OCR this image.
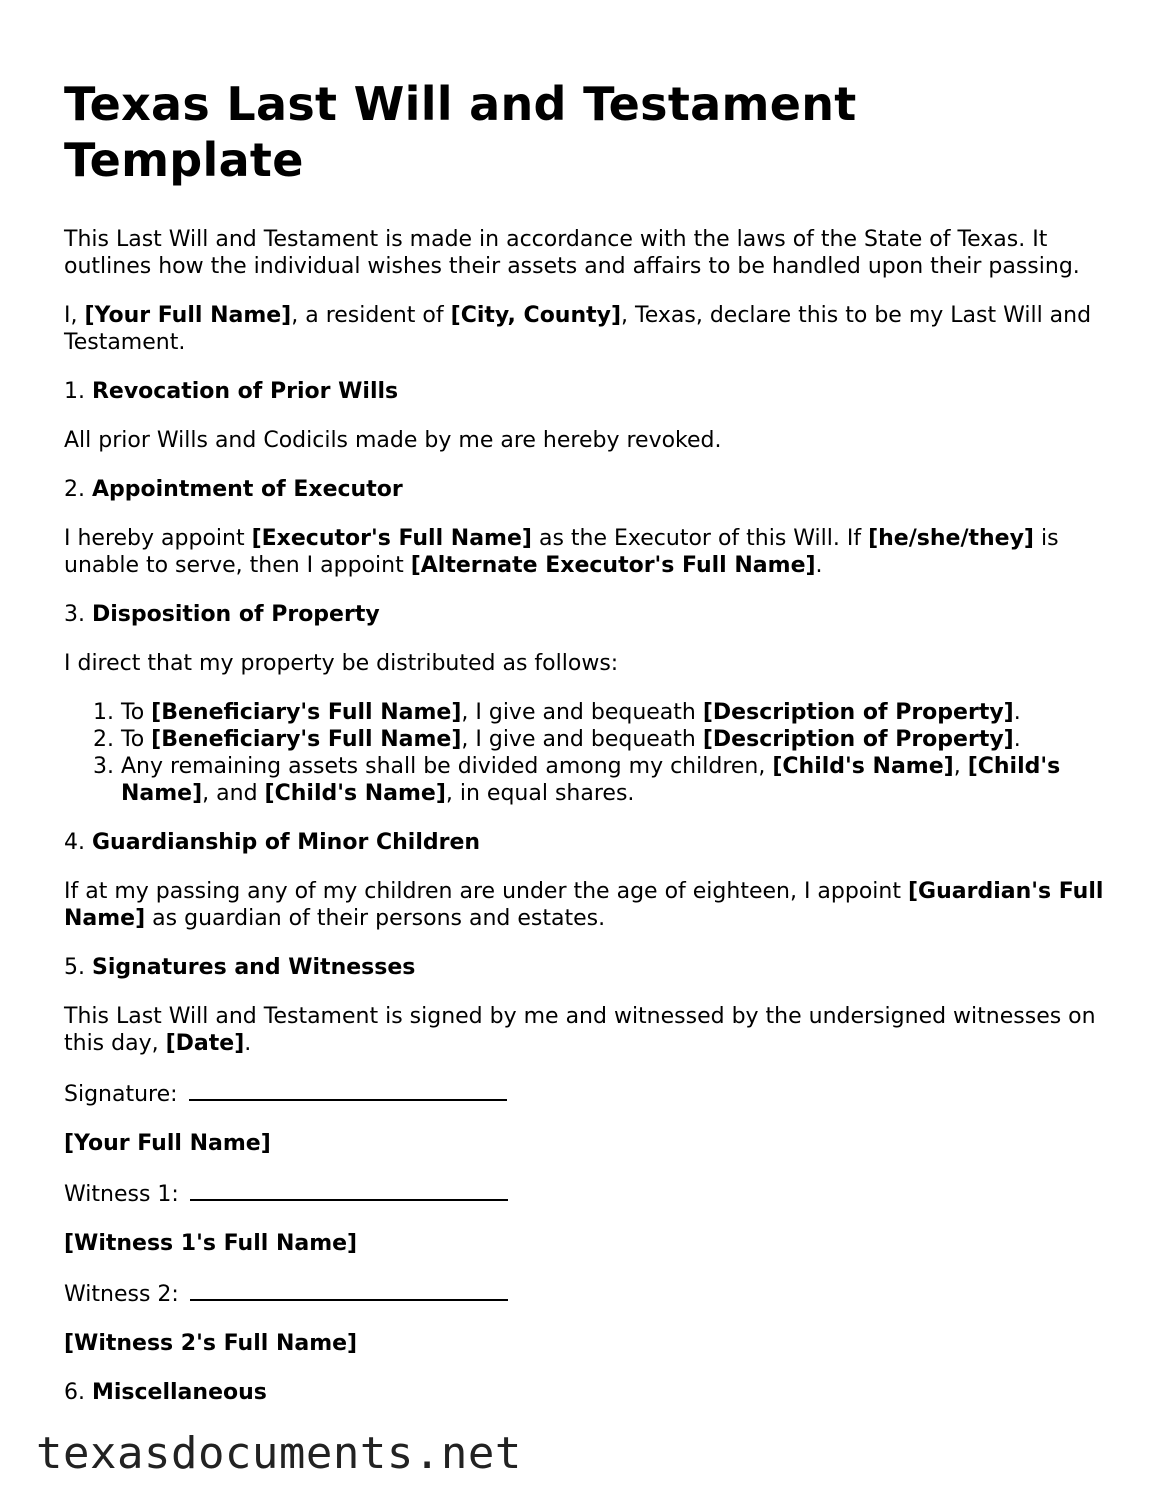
Texas Last Will and Testament Template

This Last Will and Testament is made in accordance with the laws of the State of Texas. It outlines how the individual wishes their assets and affairs to be handled upon their passing.

I, [Your Full Name], a resident of [City, County], Texas, declare this to be my Last Will and Testament.

1. Revocation of Prior Wills

All prior Wills and Codicils made by me are hereby revoked.

2. Appointment of Executor

I hereby appoint [Executor's Full Name] as the Executor of this Will. If [he/she/they] is unable to serve, then I appoint [Alternate Executor's Full Name].

3. Disposition of Property

I direct that my property be distributed as follows:

1. To [Beneficiary's Full Name], I give and bequeath [Description of Property].
2. To [Beneficiary's Full Name], I give and bequeath [Description of Property].
3. Any remaining assets shall be divided among my children, [Child's Name], [Child's Name], and [Child's Name], in equal shares.

4. Guardianship of Minor Children

If at my passing any of my children are under the age of eighteen, I appoint [Guardian's Full Name] as guardian of their persons and estates.

5. Signatures and Witnesses

This Last Will and Testament is signed by me and witnessed by the undersigned witnesses on this day, [Date].

Signature:

[Your Full Name]

Witness 1:

[Witness 1's Full Name]

Witness 2:

[Witness 2's Full Name]

6. Miscellaneous

texasdocuments.net
